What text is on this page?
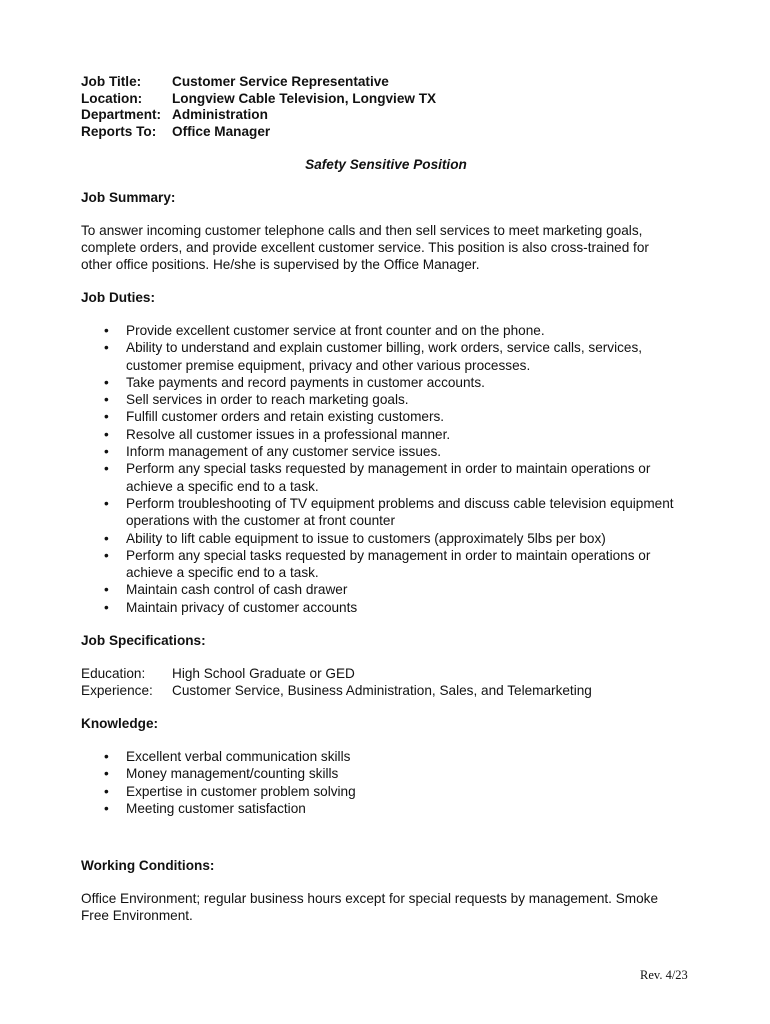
Job Title:	Customer Service Representative
Location:	Longview Cable Television, Longview TX
Department: Administration
Reports To:	Office Manager
Safety Sensitive Position
Job Summary:
To answer incoming customer telephone calls and then sell services to meet marketing goals,
complete orders, and provide excellent customer service. This position is also cross-trained for
other office positions. He/she is supervised by the Office Manager.
Job Duties:
• Provide excellent customer service at front counter and on the phone.
• Ability to understand and explain customer billing, work orders, service calls, services,
customer premise equipment, privacy and other various processes.
• Take payments and record payments in customer accounts.
• Sell services in order to reach marketing goals.
• Fulfill customer orders and retain existing customers.
• Resolve all customer issues in a professional manner.
• Inform management of any customer service issues.
• Perform any special tasks requested by management in order to maintain operations or
achieve a specific end to a task.
• Perform troubleshooting of TV equipment problems and discuss cable television equipment
operations with the customer at front counter
• Ability to lift cable equipment to issue to customers (approximately 5lbs per box)
• Perform any special tasks requested by management in order to maintain operations or
achieve a specific end to a task.
• Maintain cash control of cash drawer
• Maintain privacy of customer accounts
Job Specifications:
Education:	High School Graduate or GED
Experience:	Customer Service, Business Administration, Sales, and Telemarketing
Knowledge:
• Excellent verbal communication skills
• Money management/counting skills
• Expertise in customer problem solving
• Meeting customer satisfaction
Working Conditions:
Office Environment; regular business hours except for special requests by management. Smoke
Free Environment.
Rev. 4/23
